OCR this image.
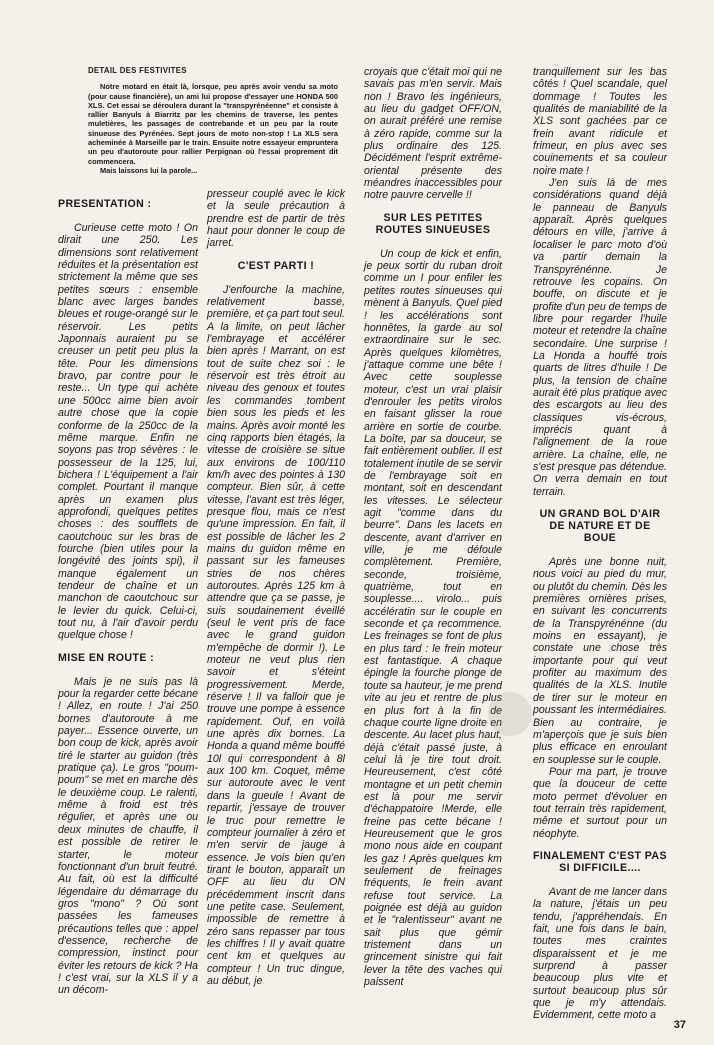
DETAIL DES FESTIVITES

Notre motard en était là, lorsque, peu après avoir vendu sa moto (pour cause financière), un ami lui propose d'essayer une HONDA 500 XLS. Cet essai se déroulera durant la "transpyrénéenne" et consiste à rallier Banyuls à Biarritz par les chemins de traverse, les pentes muletières, les passages de contrebande et un peu par la route sinueuse des Pyrénées. Sept jours de moto non-stop ! La XLS sera acheminée à Marseille par le train. Ensuite notre essayeur empruntera un peu d'autoroute pour rallier Perpignan où l'essai proprement dit commencera.

Mais laissons lui la parole...

PRESENTATION :

Curieuse cette moto ! On dirait une 250. Les dimensions sont relativement réduites et la présentation est strictement la même que ses petites sœurs : ensemble blanc avec larges bandes bleues et rouge-orangé sur le réservoir. Les petits Japonnais auraient pu se creuser un petit peu plus la tête. Pour les dimensions bravo, par contre pour le reste... Un type qui achète une 500cc aime bien avoir autre chose que la copie conforme de la 250cc de la même marque. Enfin ne soyons pas trop sévères : le possesseur de la 125, lui, bichera ! L'équipement a l'air complet. Pourtant il manque après un examen plus approfondi, quelques petites choses : des soufflets de caoutchouc sur les bras de fourche (bien utiles pour la longévité des joints spi), il manque également un tendeur de chaîne et un manchon de caoutchouc sur le levier du quick. Celui-ci, tout nu, à l'air d'avoir perdu quelque chose !

MISE EN ROUTE :

Mais je ne suis pas là pour la regarder cette bécane ! Allez, en route ! J'ai 250 bornes d'autoroute à me payer... Essence ouverte, un bon coup de kick, après avoir tiré le starter au guidon (très pratique ça). Le gros "poum-poum" se met en marche dès le deuxième coup. Le ralenti, même à froid est très régulier, et après une ou deux minutes de chauffe, il est possible de retirer le starter, le moteur fonctionnant d'un bruit feutré. Au fait, où est la difficulté légendaire du démarrage du gros "mono" ? Où sont passées les fameuses précautions telles que : appel d'essence, recherche de compression, instinct pour éviter les retours de kick ? Ha ! c'est vrai, sur la XLS il y a un décom-

presseur couplé avec le kick et la seule précaution à prendre est de partir de très haut pour donner le coup de jarret.

C'EST PARTI !

J'enfourche la machine, relativement basse, première, et ça part tout seul. A la limite, on peut lâcher l'embrayage et accélérer bien après ! Marrant, on est tout de suite chez soi : le réservoir est très étroit au niveau des genoux et toutes les commandes tombent bien sous les pieds et les mains. Après avoir monté les cinq rapports bien étagés, la vitesse de croisière se situe aux environs de 100/110 km/h avec des pointes à 130 compteur. Bien sûr, à cette vitesse, l'avant est très léger, presque flou, mais ce n'est qu'une impression. En fait, il est possible de lâcher les 2 mains du guidon même en passant sur les fameuses stries de nos chères autoroutes. Après 125 km à attendre que ça se passe, je suis soudainement éveillé (seul le vent pris de face avec le grand guidon m'empêche de dormir !). Le moteur ne veut plus rien savoir et s'éteint progressivement. Merde, réserve ! Il va falloir que je trouve une pompe à essence rapidement. Ouf, en voilà une après dix bornes. La Honda a quand même bouffé 10l qui correspondent à 8l aux 100 km. Coquet, même sur autoroute avec le vent dans la gueule ! Avant de repartir, j'essaye de trouver le truc pour remettre le compteur journalier à zéro et m'en servir de jauge à essence. Je vois bien qu'en tirant le bouton, apparaît un OFF au lieu du ON précédemment inscrit dans une petite case. Seulement, impossible de remettre à zéro sans repasser par tous les chiffres ! Il y avait quatre cent km et quelques au compteur ! Un truc dingue, au début, je

croyais que c'était moi qui ne savais pas m'en servir. Mais non ! Bravo les ingénieurs, au lieu du gadget OFF/ON, on aurait préféré une remise à zéro rapide, comme sur la plus ordinaire des 125. Décidément l'esprit extrême-oriental présente des méandres inaccessibles pour notre pauvre cervelle !!

SUR LES PETITES ROUTES SINUEUSES

Un coup de kick et enfin, je peux sortir du ruban droit comme un I pour enfiler les petites routes sinueuses qui mènent à Banyuls. Quel pied ! les accélérations sont honnêtes, la garde au sol extraordinaire sur le sec. Après quelques kilomètres, j'attaque comme une bête ! Avec cette souplesse moteur, c'est un vrai plaisir d'enrouler les petits virolos en faisant glisser la roue arrière en sortie de courbe. La boîte, par sa douceur, se fait entièrement oublier. Il est totalement inutile de se servir de l'embrayage soit en montant, soit en descendant les vitesses. Le sélecteur agit "comme dans du beurre". Dans les lacets en descente, avant d'arriver en ville, je me défoule complètement. Première, seconde, troisième, quatrième, tout en souplesse.... virolo... puis accélératin sur le couple en seconde et ça recommence. Les freinages se font de plus en plus tard : le frein moteur est fantastique. A chaque épingle la fourche plonge de toute sa hauteur, je me prend vite au jeu et rentre de plus en plus fort à la fin de chaque courte ligne droite en descente. Au lacet plus haut, déjà c'était passé juste, à celui là je tire tout droit. Heureusement, c'est côté montagne et un petit chemin est là pour me servir d'échappatoire !Merde, elle freine pas cette bécane ! Heureusement que le gros mono nous aide en coupant les gaz ! Après quelques km seulement de freinages fréquents, le frein avant refuse tout service. La poignée est déjà au guidon et le "ralentisseur" avant ne sait plus que gémir tristement dans un grincement sinistre qui fait lever la tête des vaches qui paissent

tranquillement sur les bas côtés ! Quel scandale, quel dommage ! Toutes les qualités de maniabilité de la XLS sont gachées par ce frein avant ridicule et frimeur, en plus avec ses couinements et sa couleur noire mate !

J'en suis là de mes considérations quand déjà le panneau de Banyuls apparaît. Après quelques détours en ville, j'arrive à localiser le parc moto d'où va partir demain la Transpyrénénne. Je retrouve les copains. On bouffe, on discute et je profite d'un peu de temps de libre pour regarder l'huile moteur et retendre la chaîne secondaire. Une surprise ! La Honda a houffé trois quarts de litres d'huile ! De plus, la tension de chaîne aurait été plus pratique avec des escargots au lieu des classiques vis-écrous, imprécis quant à l'alignement de la roue arrière. La chaîne, elle, ne s'est presque pas détendue. On verra demain en tout terrain.

UN GRAND BOL D'AIR DE NATURE ET DE BOUE

Après une bonne nuit, nous voici au pied du mur, ou plutôt du chemin. Dès les premières ornières prises, en suivant les concurrents de la Transpyrénénne (du moins en essayant), je constate une chose très importante pour qui veut profiter au maximum des qualités de la XLS. Inutile de tirer sur le moteur en poussant les intermédiaires. Bien au contraire, je m'aperçois que je suis bien plus efficace en enroulant en souplesse sur le couple.

Pour ma part, je trouve que la douceur de cette moto permet d'évoluer en tout terrain très rapidement, même et surtout pour un néophyte.

FINALEMENT C'EST PAS SI DIFFICILE....

Avant de me lancer dans la nature, j'étais un peu tendu, j'appréhendais. En fait, une fois dans le bain, toutes mes craintes disparaissent et je me surprend à passer beaucoup plus vite et surtout beaucoup plus sûr que je m'y attendais. Evidemment, cette moto a

37
